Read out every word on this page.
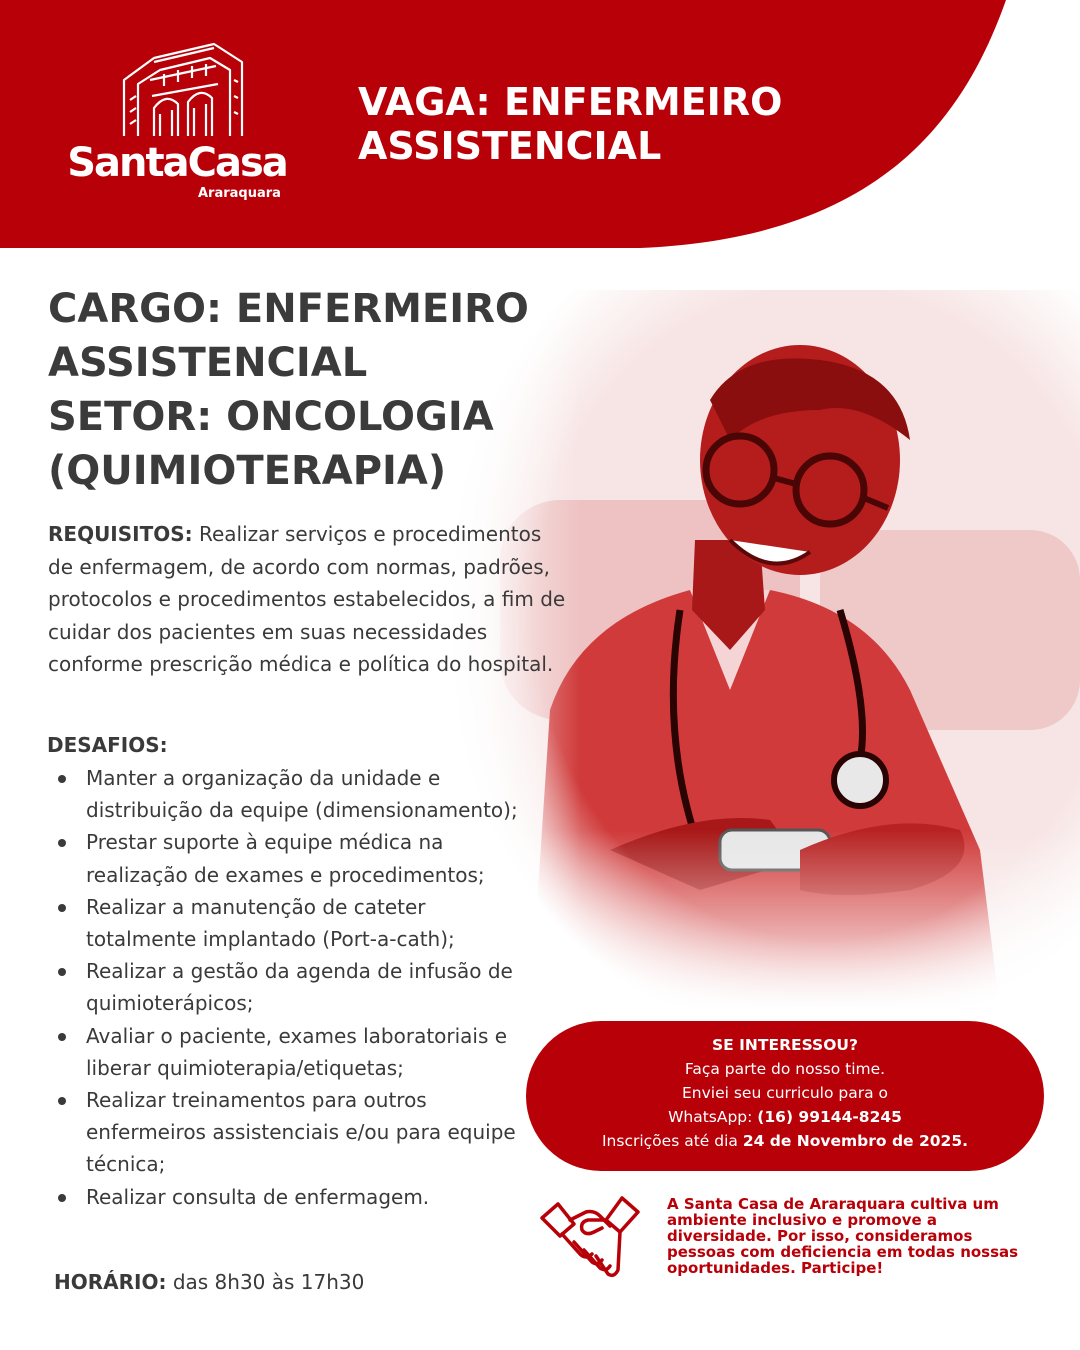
SantaCasa
Araraquara
VAGA: ENFERMEIRO
ASSISTENCIAL
CARGO: ENFERMEIRO
ASSISTENCIAL
SETOR: ONCOLOGIA
(QUIMIOTERAPIA)

REQUISITOS: Realizar serviços e procedimentos de enfermagem, de acordo com normas, padrões, protocolos e procedimentos estabelecidos, a fim de cuidar dos pacientes em suas necessidades conforme prescrição médica e política do hospital.

DESAFIOS:

Manter a organização da unidade e distribuição da equipe (dimensionamento);
Prestar suporte à equipe médica na realização de exames e procedimentos;
Realizar a manutenção de cateter totalmente implantado (Port-a-cath);
Realizar a gestão da agenda de infusão de quimioterápicos;
Avaliar o paciente, exames laboratoriais e liberar quimioterapia/etiquetas;
Realizar treinamentos para outros enfermeiros assistenciais e/ou para equipe técnica;
Realizar consulta de enfermagem.

HORÁRIO: das 8h30 às 17h30

SE INTERESSOU?
Faça parte do nosso time.
Enviei seu curriculo para o
WhatsApp: (16) 99144-8245
Inscrições até dia 24 de Novembro de 2025.

A Santa Casa de Araraquara cultiva um ambiente inclusivo e promove a diversidade. Por isso, consideramos pessoas com deficiencia em todas nossas oportunidades. Participe!
